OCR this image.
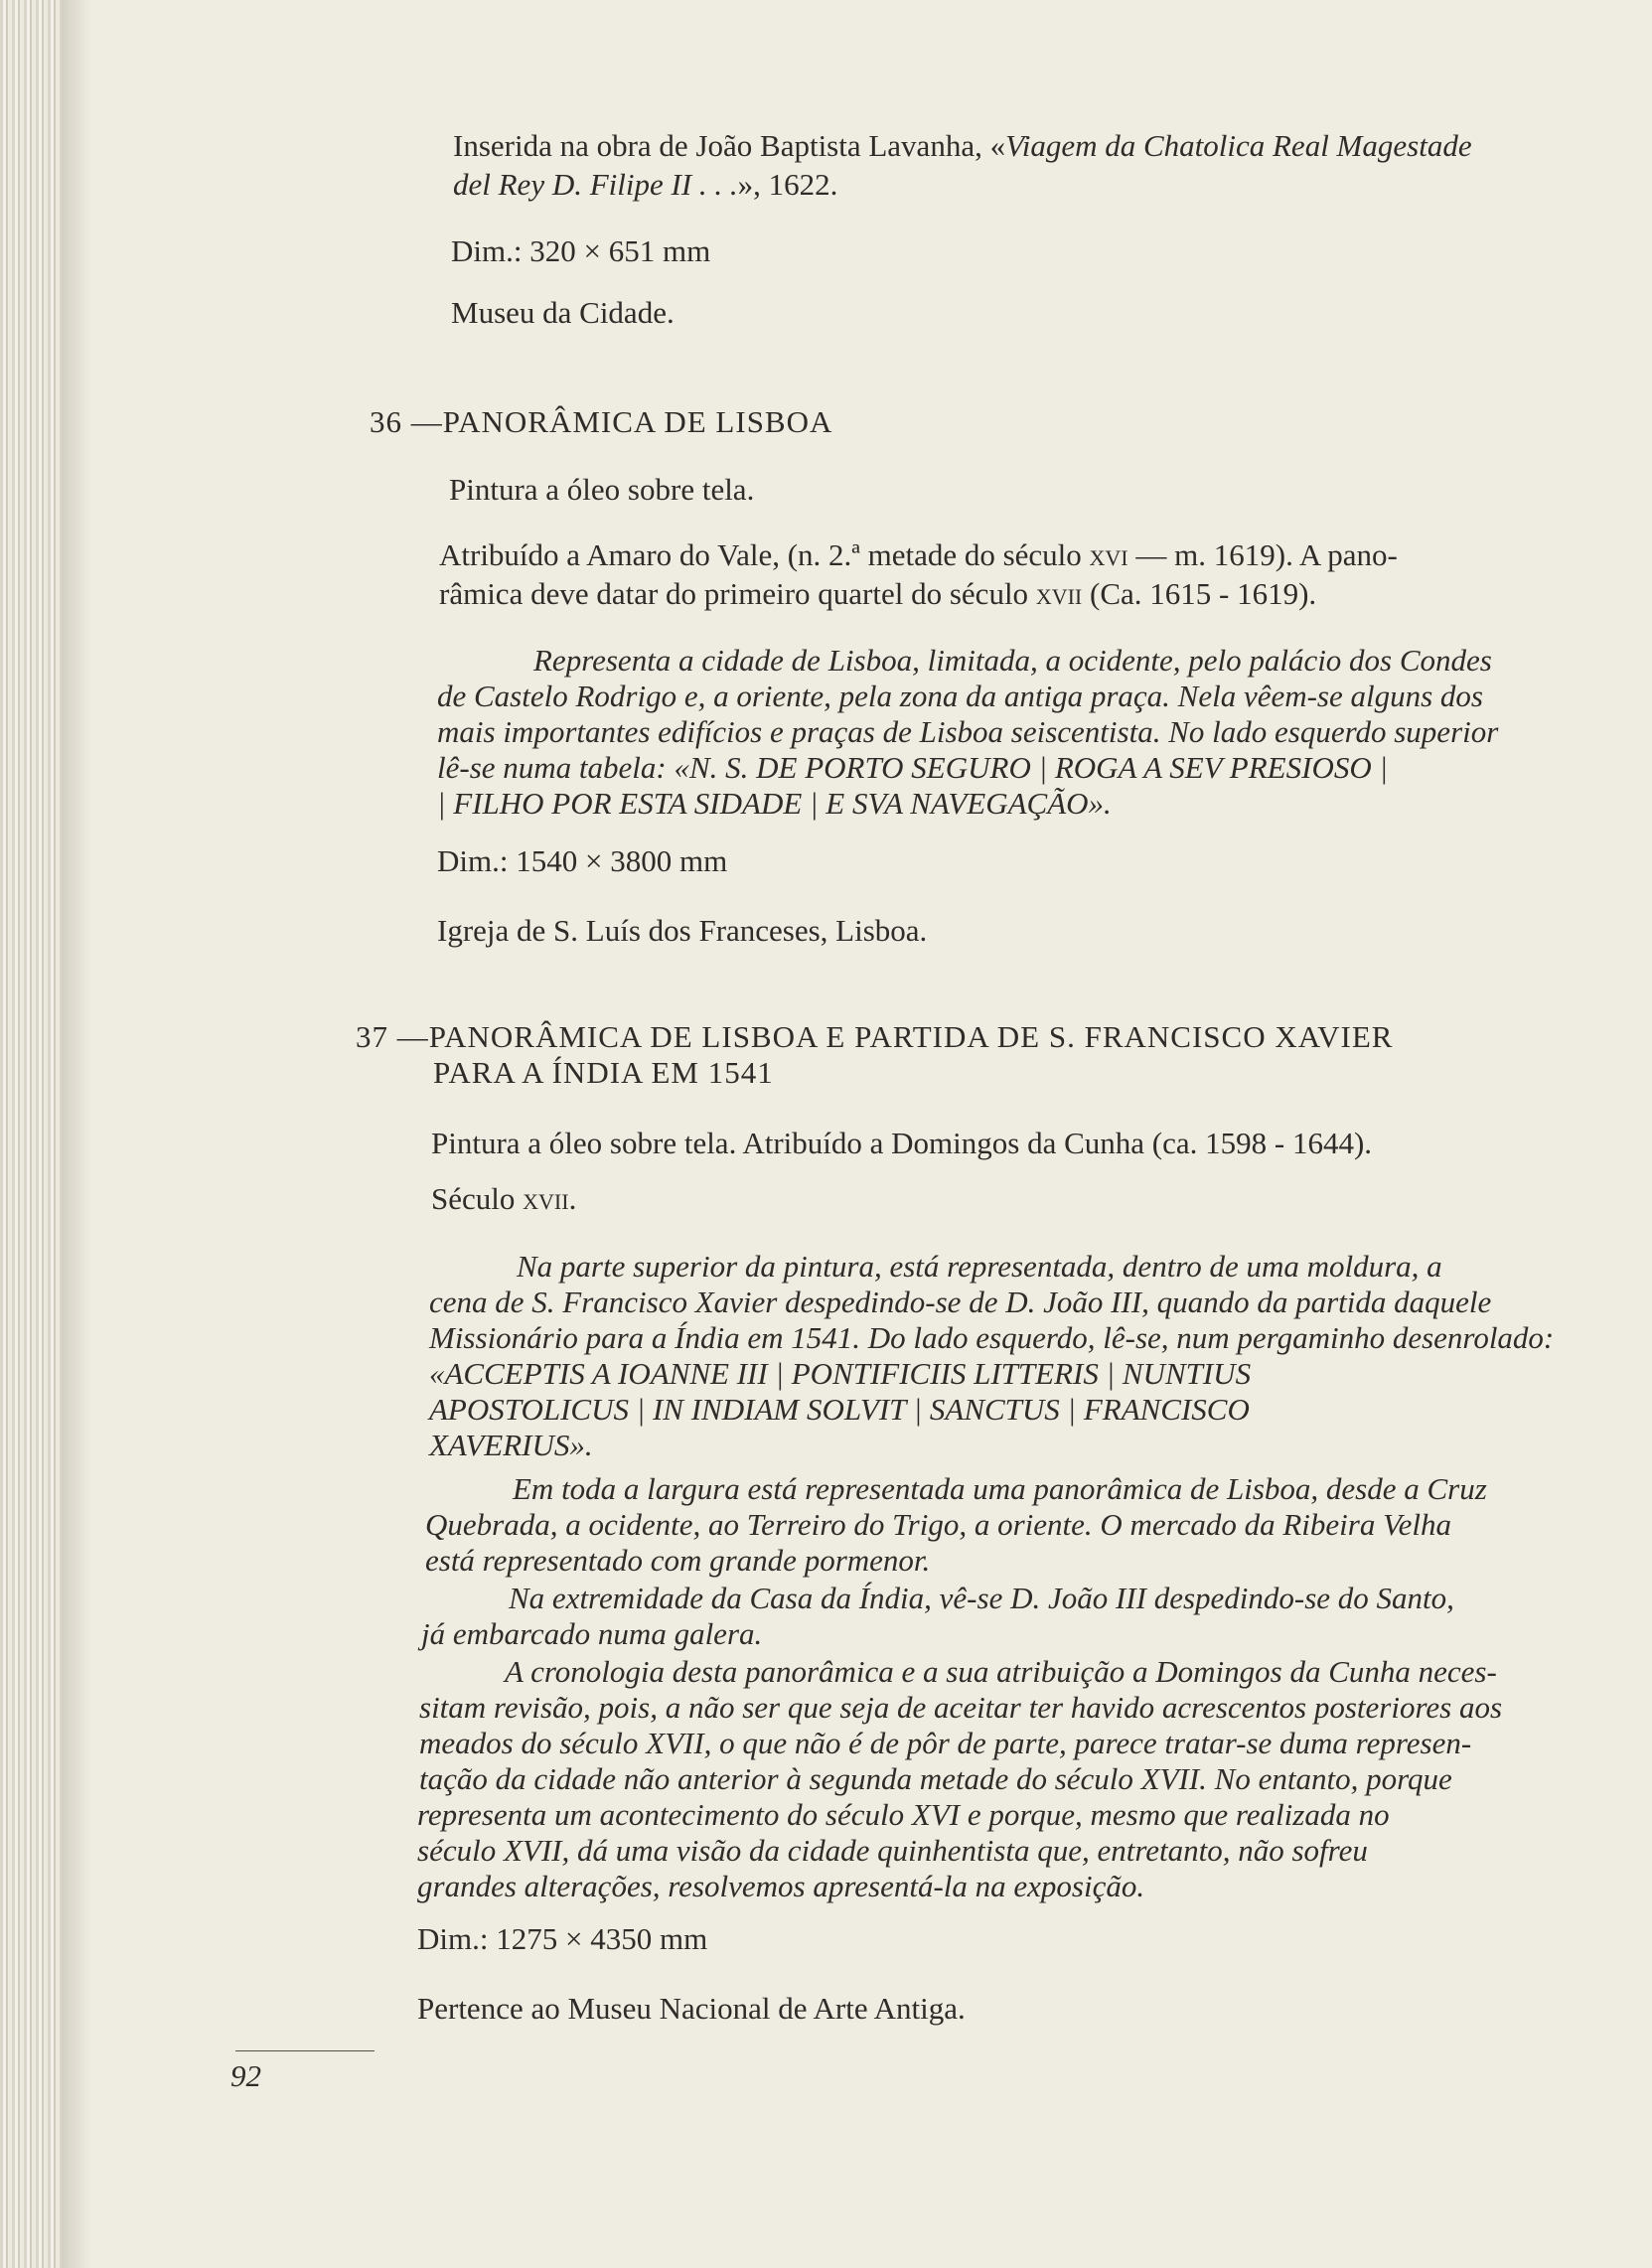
Inserida na obra de João Baptista Lavanha, «Viagem da Chatolica Real Magestade
del Rey D. Filipe II . . .», 1622.
Dim.: 320 × 651 mm
Museu da Cidade.
36 —PANORÂMICA DE LISBOA
Pintura a óleo sobre tela.
Atribuído a Amaro do Vale, (n. 2.ª metade do século xvi — m. 1619). A pano-
râmica deve datar do primeiro quartel do século xvii (Ca. 1615 - 1619).
Representa a cidade de Lisboa, limitada, a ocidente, pelo palácio dos Condes
de Castelo Rodrigo e, a oriente, pela zona da antiga praça. Nela vêem-se alguns dos
mais importantes edifícios e praças de Lisboa seiscentista. No lado esquerdo superior
lê-se numa tabela: «N. S. DE PORTO SEGURO | ROGA A SEV PRESIOSO |
| FILHO POR ESTA SIDADE | E SVA NAVEGAÇÃO».
Dim.: 1540 × 3800 mm
Igreja de S. Luís dos Franceses, Lisboa.
37 —PANORÂMICA DE LISBOA E PARTIDA DE S. FRANCISCO XAVIER
PARA A ÍNDIA EM 1541
Pintura a óleo sobre tela. Atribuído a Domingos da Cunha (ca. 1598 - 1644).
Século xvii.
Na parte superior da pintura, está representada, dentro de uma moldura, a
cena de S. Francisco Xavier despedindo-se de D. João III, quando da partida daquele
Missionário para a Índia em 1541. Do lado esquerdo, lê-se, num pergaminho desenrolado:
«ACCEPTIS A IOANNE III | PONTIFICIIS LITTERIS | NUNTIUS
APOSTOLICUS | IN INDIAM SOLVIT | SANCTUS | FRANCISCO
XAVERIUS».
Em toda a largura está representada uma panorâmica de Lisboa, desde a Cruz
Quebrada, a ocidente, ao Terreiro do Trigo, a oriente. O mercado da Ribeira Velha
está representado com grande pormenor.
Na extremidade da Casa da Índia, vê-se D. João III despedindo-se do Santo,
já embarcado numa galera.
A cronologia desta panorâmica e a sua atribuição a Domingos da Cunha neces-
sitam revisão, pois, a não ser que seja de aceitar ter havido acrescentos posteriores aos
meados do século XVII, o que não é de pôr de parte, parece tratar-se duma represen-
tação da cidade não anterior à segunda metade do século XVII. No entanto, porque
representa um acontecimento do século XVI e porque, mesmo que realizada no
século XVII, dá uma visão da cidade quinhentista que, entretanto, não sofreu
grandes alterações, resolvemos apresentá-la na exposição.
Dim.: 1275 × 4350 mm
Pertence ao Museu Nacional de Arte Antiga.
92
